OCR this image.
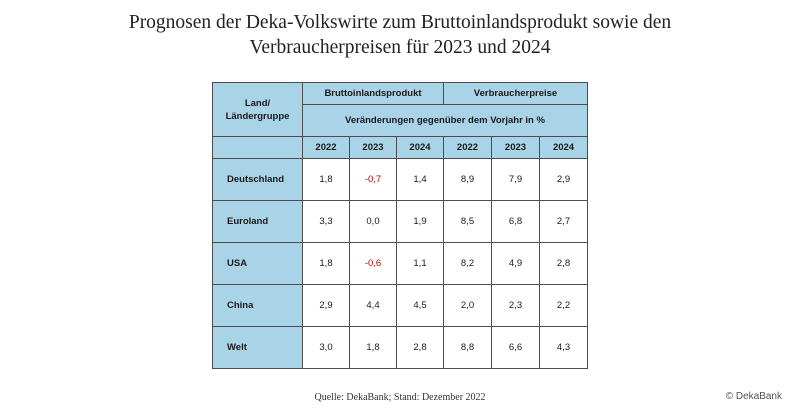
Prognosen der Deka-Volkswirte zum Bruttoinlandsprodukt sowie den
Verbraucherpreisen für 2023 und 2024
Land/
Ländergruppe	Bruttoinlandsprodukt			Verbraucherpreise		
	Veränderungen gegenüber dem Vorjahr in %					
	2022	2023	2024	2022	2023	2024
Deutschland	1,8	-0,7	1,4	8,9	7,9	2,9
Euroland	3,3	0,0	1,9	8,5	6,8	2,7
USA	1,8	-0,6	1,1	8,2	4,9	2,8
China	2,9	4,4	4,5	2,0	2,3	2,2
Welt	3,0	1,8	2,8	8,8	6,6	4,3
Quelle: DekaBank; Stand: Dezember 2022	© DekaBank
